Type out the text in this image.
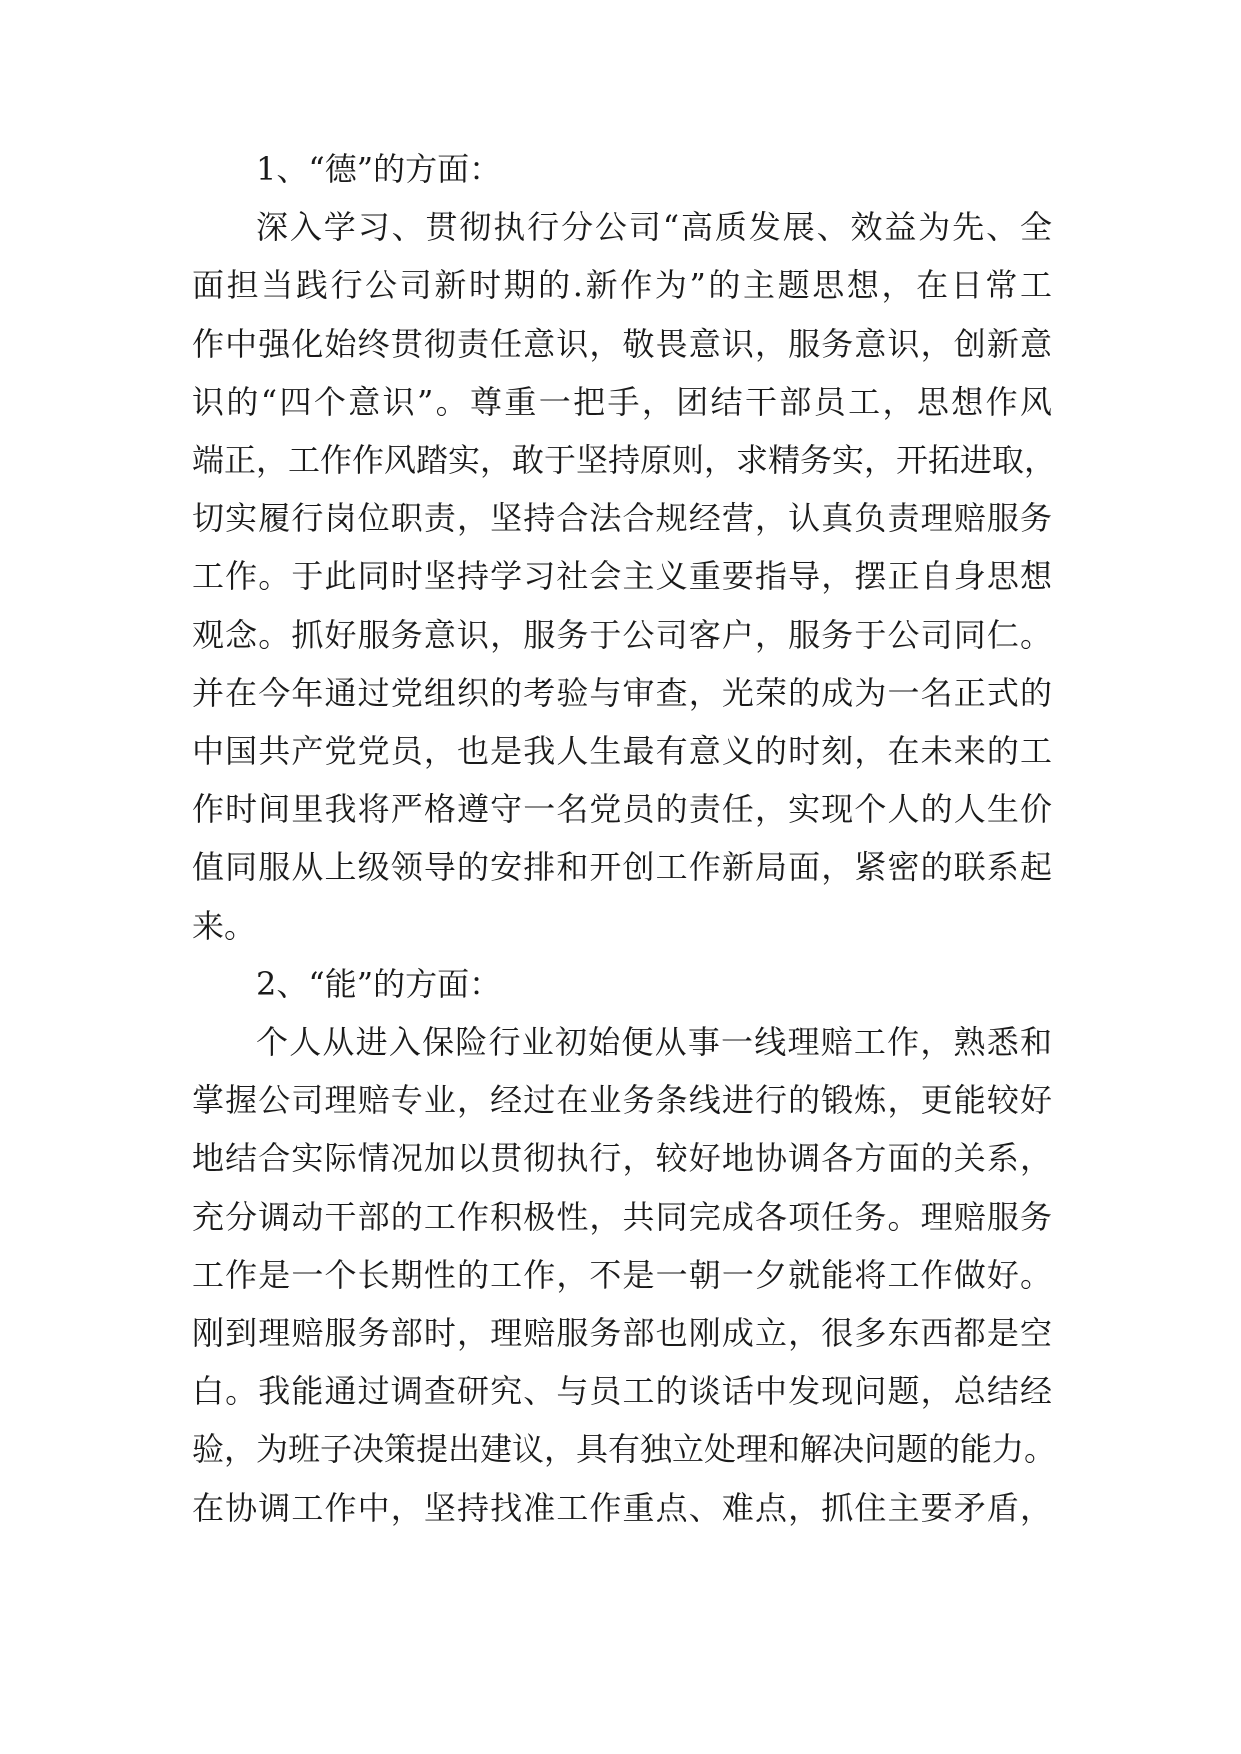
1、“德”的方面：
深入学习、贯彻执行分公司“高质发展、效益为先、全
面担当践行公司新时期的.新作为”的主题思想，在日常工
作中强化始终贯彻责任意识，敬畏意识，服务意识，创新意
识的“四个意识”。尊重一把手，团结干部员工，思想作风
端正，工作作风踏实，敢于坚持原则，求精务实，开拓进取，
切实履行岗位职责，坚持合法合规经营，认真负责理赔服务
工作。于此同时坚持学习社会主义重要指导，摆正自身思想
观念。抓好服务意识，服务于公司客户，服务于公司同仁。
并在今年通过党组织的考验与审查，光荣的成为一名正式的
中国共产党党员，也是我人生最有意义的时刻，在未来的工
作时间里我将严格遵守一名党员的责任，实现个人的人生价
值同服从上级领导的安排和开创工作新局面，紧密的联系起
来。
2、“能”的方面：
个人从进入保险行业初始便从事一线理赔工作，熟悉和
掌握公司理赔专业，经过在业务条线进行的锻炼，更能较好
地结合实际情况加以贯彻执行，较好地协调各方面的关系，
充分调动干部的工作积极性，共同完成各项任务。理赔服务
工作是一个长期性的工作，不是一朝一夕就能将工作做好。
刚到理赔服务部时，理赔服务部也刚成立，很多东西都是空
白。我能通过调查研究、与员工的谈话中发现问题，总结经
验，为班子决策提出建议，具有独立处理和解决问题的能力。
在协调工作中，坚持找准工作重点、难点，抓住主要矛盾，
